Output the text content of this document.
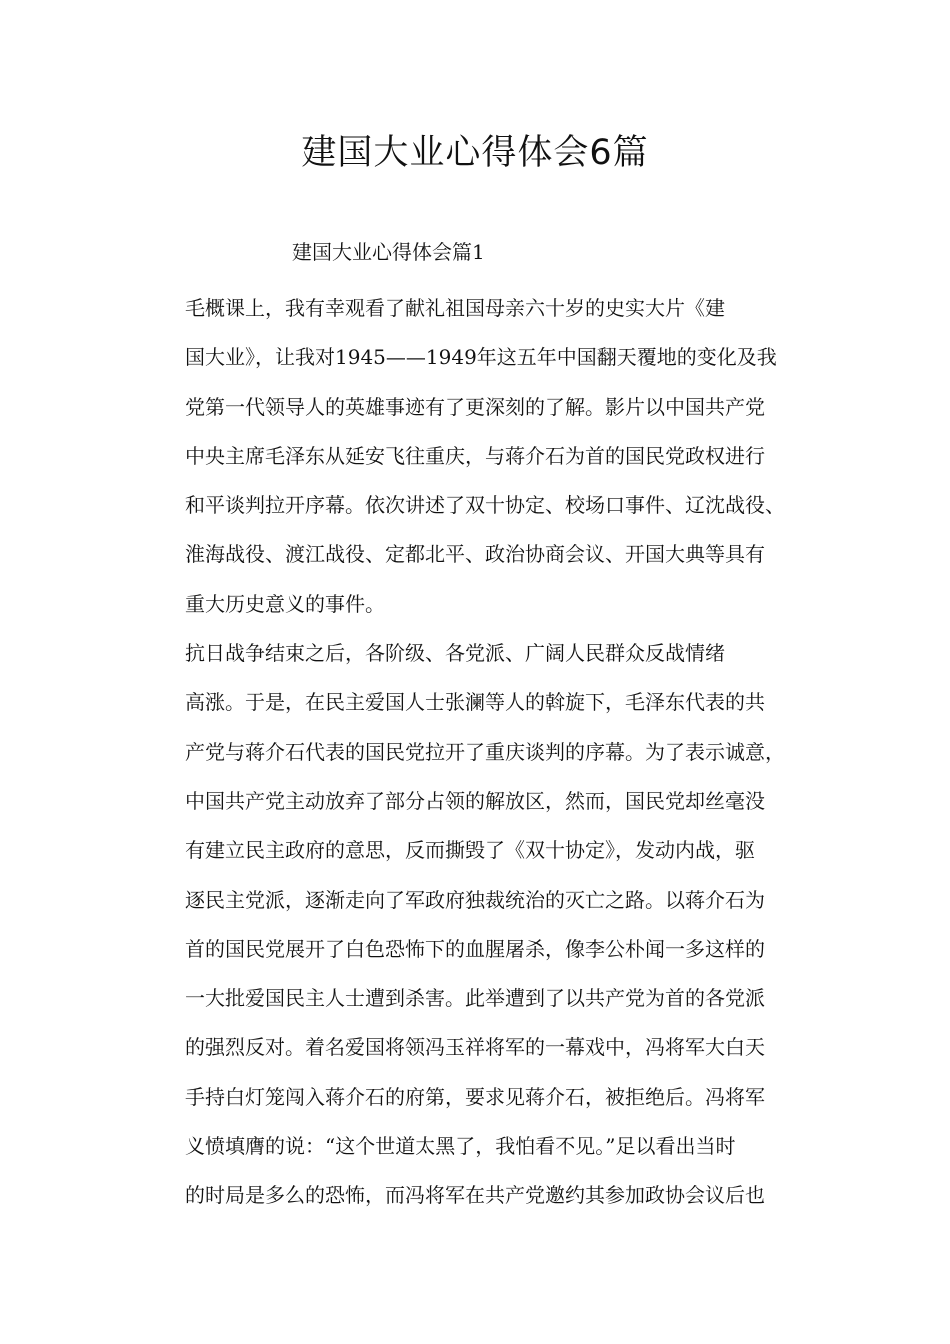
建国大业心得体会6篇
建国大业心得体会篇1

毛概课上，我有幸观看了献礼祖国母亲六十岁的史实大片《建

国大业》，让我对1945——1949年这五年中国翻天覆地的变化及我
党第一代领导人的英雄事迹有了更深刻的了解。影片以中国共产党
中央主席毛泽东从延安飞往重庆，与蒋介石为首的国民党政权进行
和平谈判拉开序幕。依次讲述了双十协定、校场口事件、辽沈战役、
淮海战役、渡江战役、定都北平、政治协商会议、开国大典等具有
重大历史意义的事件。

抗日战争结束之后，各阶级、各党派、广阔人民群众反战情绪

高涨。于是，在民主爱国人士张澜等人的斡旋下，毛泽东代表的共
产党与蒋介石代表的国民党拉开了重庆谈判的序幕。为了表示诚意，
中国共产党主动放弃了部分占领的解放区，然而，国民党却丝毫没
有建立民主政府的意思，反而撕毁了《双十协定》，发动内战，驱
逐民主党派，逐渐走向了军政府独裁统治的灭亡之路。以蒋介石为
首的国民党展开了白色恐怖下的血腥屠杀，像李公朴闻一多这样的
一大批爱国民主人士遭到杀害。此举遭到了以共产党为首的各党派
的强烈反对。着名爱国将领冯玉祥将军的一幕戏中，冯将军大白天
手持白灯笼闯入蒋介石的府第，要求见蒋介石，被拒绝后。冯将军
义愤填膺的说：“这个世道太黑了，我怕看不见。”足以看出当时
的时局是多么的恐怖，而冯将军在共产党邀约其参加政协会议后也
